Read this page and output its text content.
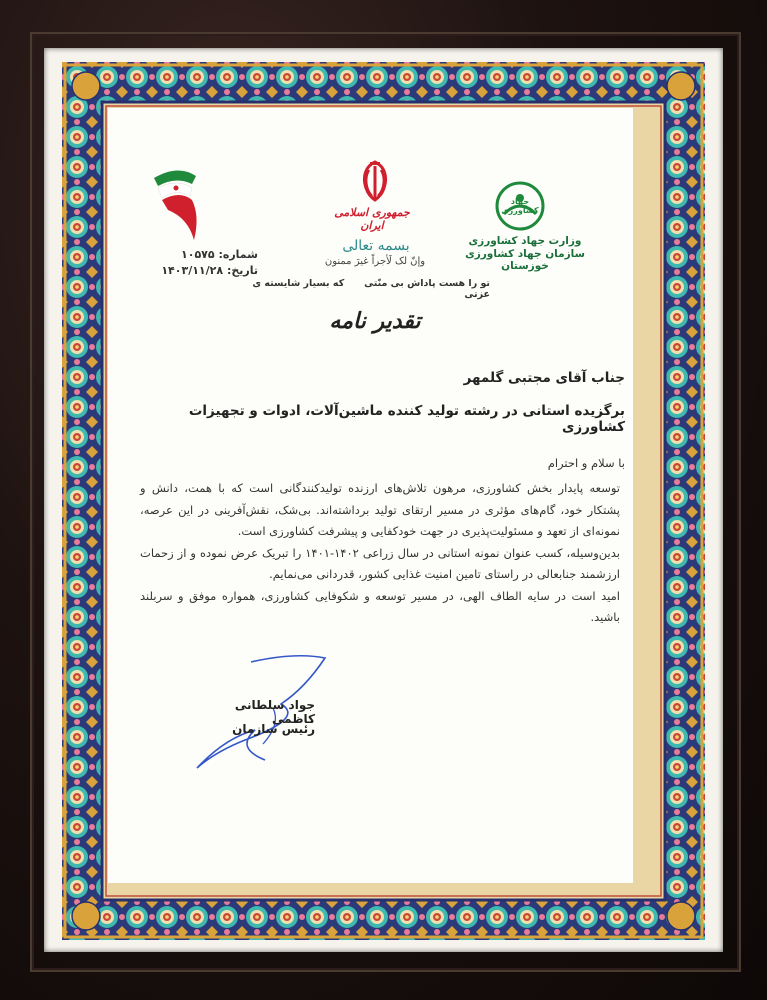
جمهوری اسلامی ایران
جهاد کشاورزی
وزارت جهاد کشاورزی
سازمان جهاد کشاورزی خوزستان
بسمه تعالی
وإنّ لک لَأجراً غیرَ ممنون
تو را هست پاداش بی منّتی      که بسیار شایسته ی عزتی
شماره: ۱۰۵۷۵
تاریخ: ۱۴۰۳/۱۱/۲۸
تقدیر نامه
جناب آقای مجتبی گلمهر
برگزیده استانی در رشته تولید کننده ماشین‌آلات، ادوات و تجهیزات کشاورزی
با سلام و احترام

توسعه پایدار بخش کشاورزی، مرهون تلاش‌های ارزنده تولیدکنندگانی است که با همت، دانش و پشتکار خود، گام‌های مؤثری در مسیر ارتقای تولید برداشته‌اند. بی‌شک، نقش‌آفرینی در این عرصه، نمونه‌ای از تعهد و مسئولیت‌پذیری در جهت خودکفایی و پیشرفت کشاورزی است.

بدین‌وسیله، کسب عنوان نمونه استانی در سال زراعی ۱۴۰۲-۱۴۰۱ را تبریک عرض نموده و از زحمات ارزشمند جنابعالی در راستای تامین امنیت غذایی کشور، قدردانی می‌نمایم.

امید است در سایه الطاف الهی، در مسیر توسعه و شکوفایی کشاورزی، همواره موفق و سربلند باشید.

جواد سلطانی کاظمی
رئیس سازمان
